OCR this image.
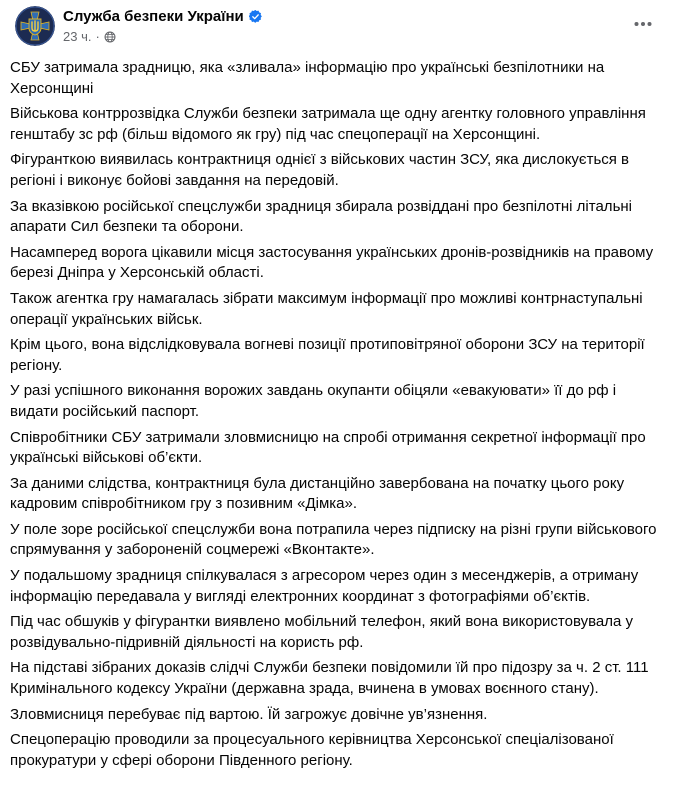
Служба безпеки України
23 ч. ·
СБУ затримала зрадницю, яка «зливала» інформацію про українські безпілотники на Херсонщині
Військова контррозвідка Служби безпеки затримала ще одну агентку головного управління генштабу зс рф (більш відомого як гру) під час спецоперації на Херсонщині.
Фігуранткою виявилась контрактниця однієї з військових частин ЗСУ, яка дислокується в регіоні і виконує бойові завдання на передовій.
За вказівкою російської спецслужби зрадниця збирала розвіддані про безпілотні літальні апарати Сил безпеки та оборони.
Насамперед ворога цікавили місця застосування українських дронів-розвідників на правому березі Дніпра у Херсонській області.
Також агентка гру намагалась зібрати максимум інформації про можливі контрнаступальні операції українських військ.
Крім цього, вона відслідковувала вогневі позиції протиповітряної оборони ЗСУ на території регіону.
У разі успішного виконання ворожих завдань окупанти обіцяли «евакуювати» її до рф і видати російський паспорт.
Співробітники СБУ затримали зловмисницю на спробі отримання секретної інформації про українські військові об’єкти.
За даними слідства, контрактниця була дистанційно завербована на початку цього року кадровим співробітником гру з позивним «Дімка».
У поле зоре російської спецслужби вона потрапила через підписку на різні групи військового спрямування у забороненій соцмережі «Вконтакте».
У подальшому зрадниця спілкувалася з агресором через один з месенджерів, а отриману інформацію передавала у вигляді електронних координат з фотографіями об’єктів.
Під час обшуків у фігурантки виявлено мобільний телефон, який вона використовувала у розвідувально-підривній діяльності на користь рф.
На підставі зібраних доказів слідчі Служби безпеки повідомили їй про підозру за ч. 2 ст. 111 Кримінального кодексу України (державна зрада, вчинена в умовах воєнного стану).
Зловмисниця перебуває під вартою. Їй загрожує довічне ув’язнення.
Спецоперацію проводили за процесуального керівництва Херсонської спеціалізованої прокуратури у сфері оборони Південного регіону.
